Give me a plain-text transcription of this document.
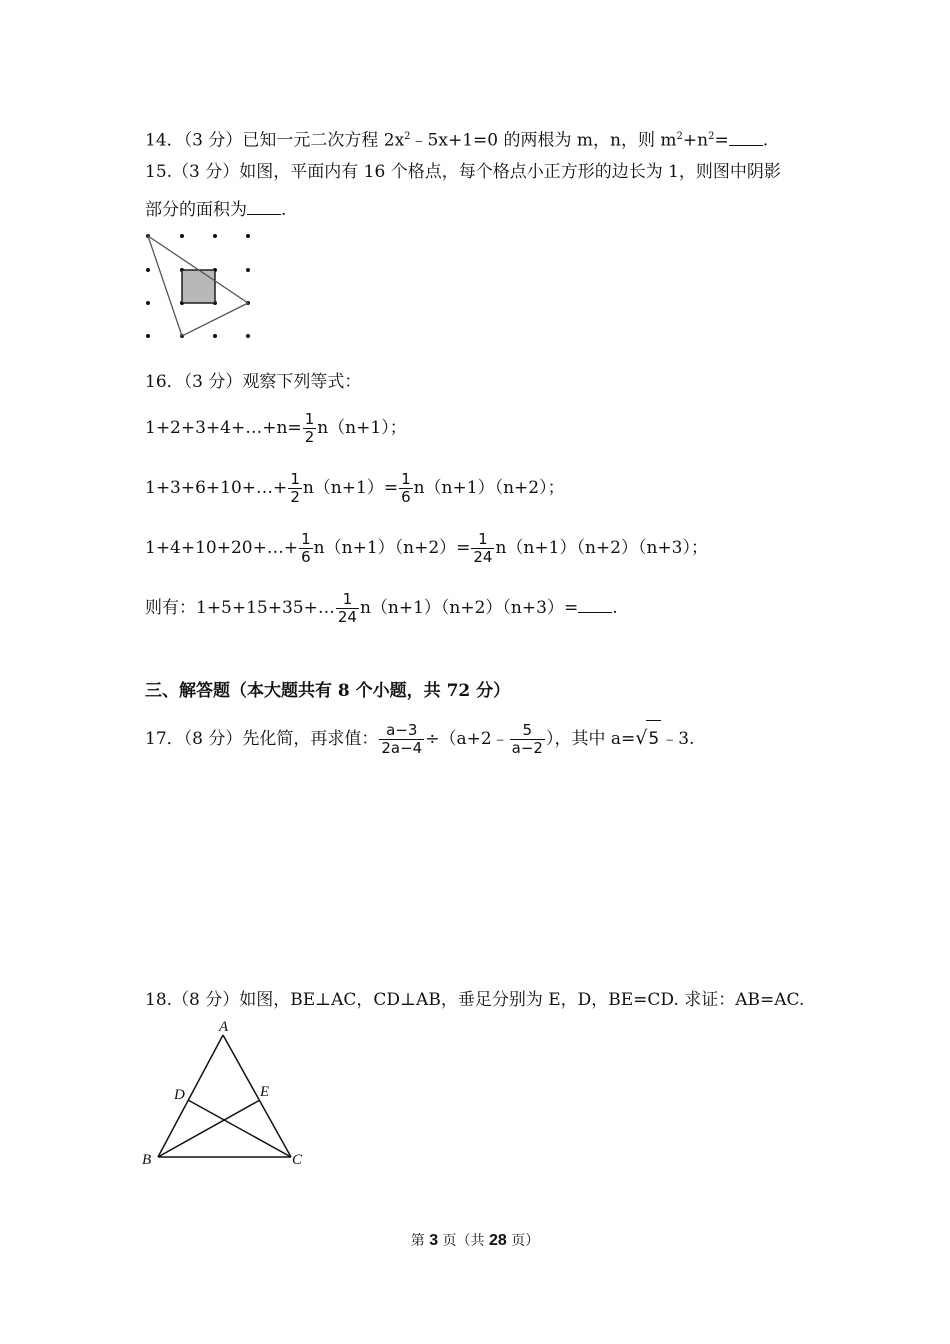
14．（3 分）已知一元二次方程 $2x^2﹣5x+1=0$ 的两根为 m，n，则 $m^2+n^2=$ .
15.（3 分）如图，平面内有 16 个格点，每个格点小正方形的边长为 1，则图中阴影
部分的面积为 .
16．（3 分）观察下列等式：
1+2+3+4+…+n= $\frac{1}{2} n(n+1)$；
1+3+6+10+…+ $\frac{1}{2} n(n+1)= \frac{1}{6} n(n+1)(n+2)$；
1+4+10+20+…+ $\frac{1}{6} n(n+1)(n+2)= \frac{1}{24} n(n+1)(n+2)(n+3)$；
则有：1+5+15+35+… $\frac{1}{24} n(n+1)(n+2)(n+3)=$ .
三、解答题（本大题共有 8 个小题，共 72 分）
17．（8 分）先化简，再求值： $\frac{a-3}{2a-4}$ ÷（a+2﹣ $\frac{5}{a-2}$ ），其中 a=√5 ﹣3.
18.（8 分）如图，BE⊥AC，CD⊥AB，垂足分别为 E，D，BE=CD. 求证：AB=AC.
A
B	C
D	E
第 3 页（共 28 页）
